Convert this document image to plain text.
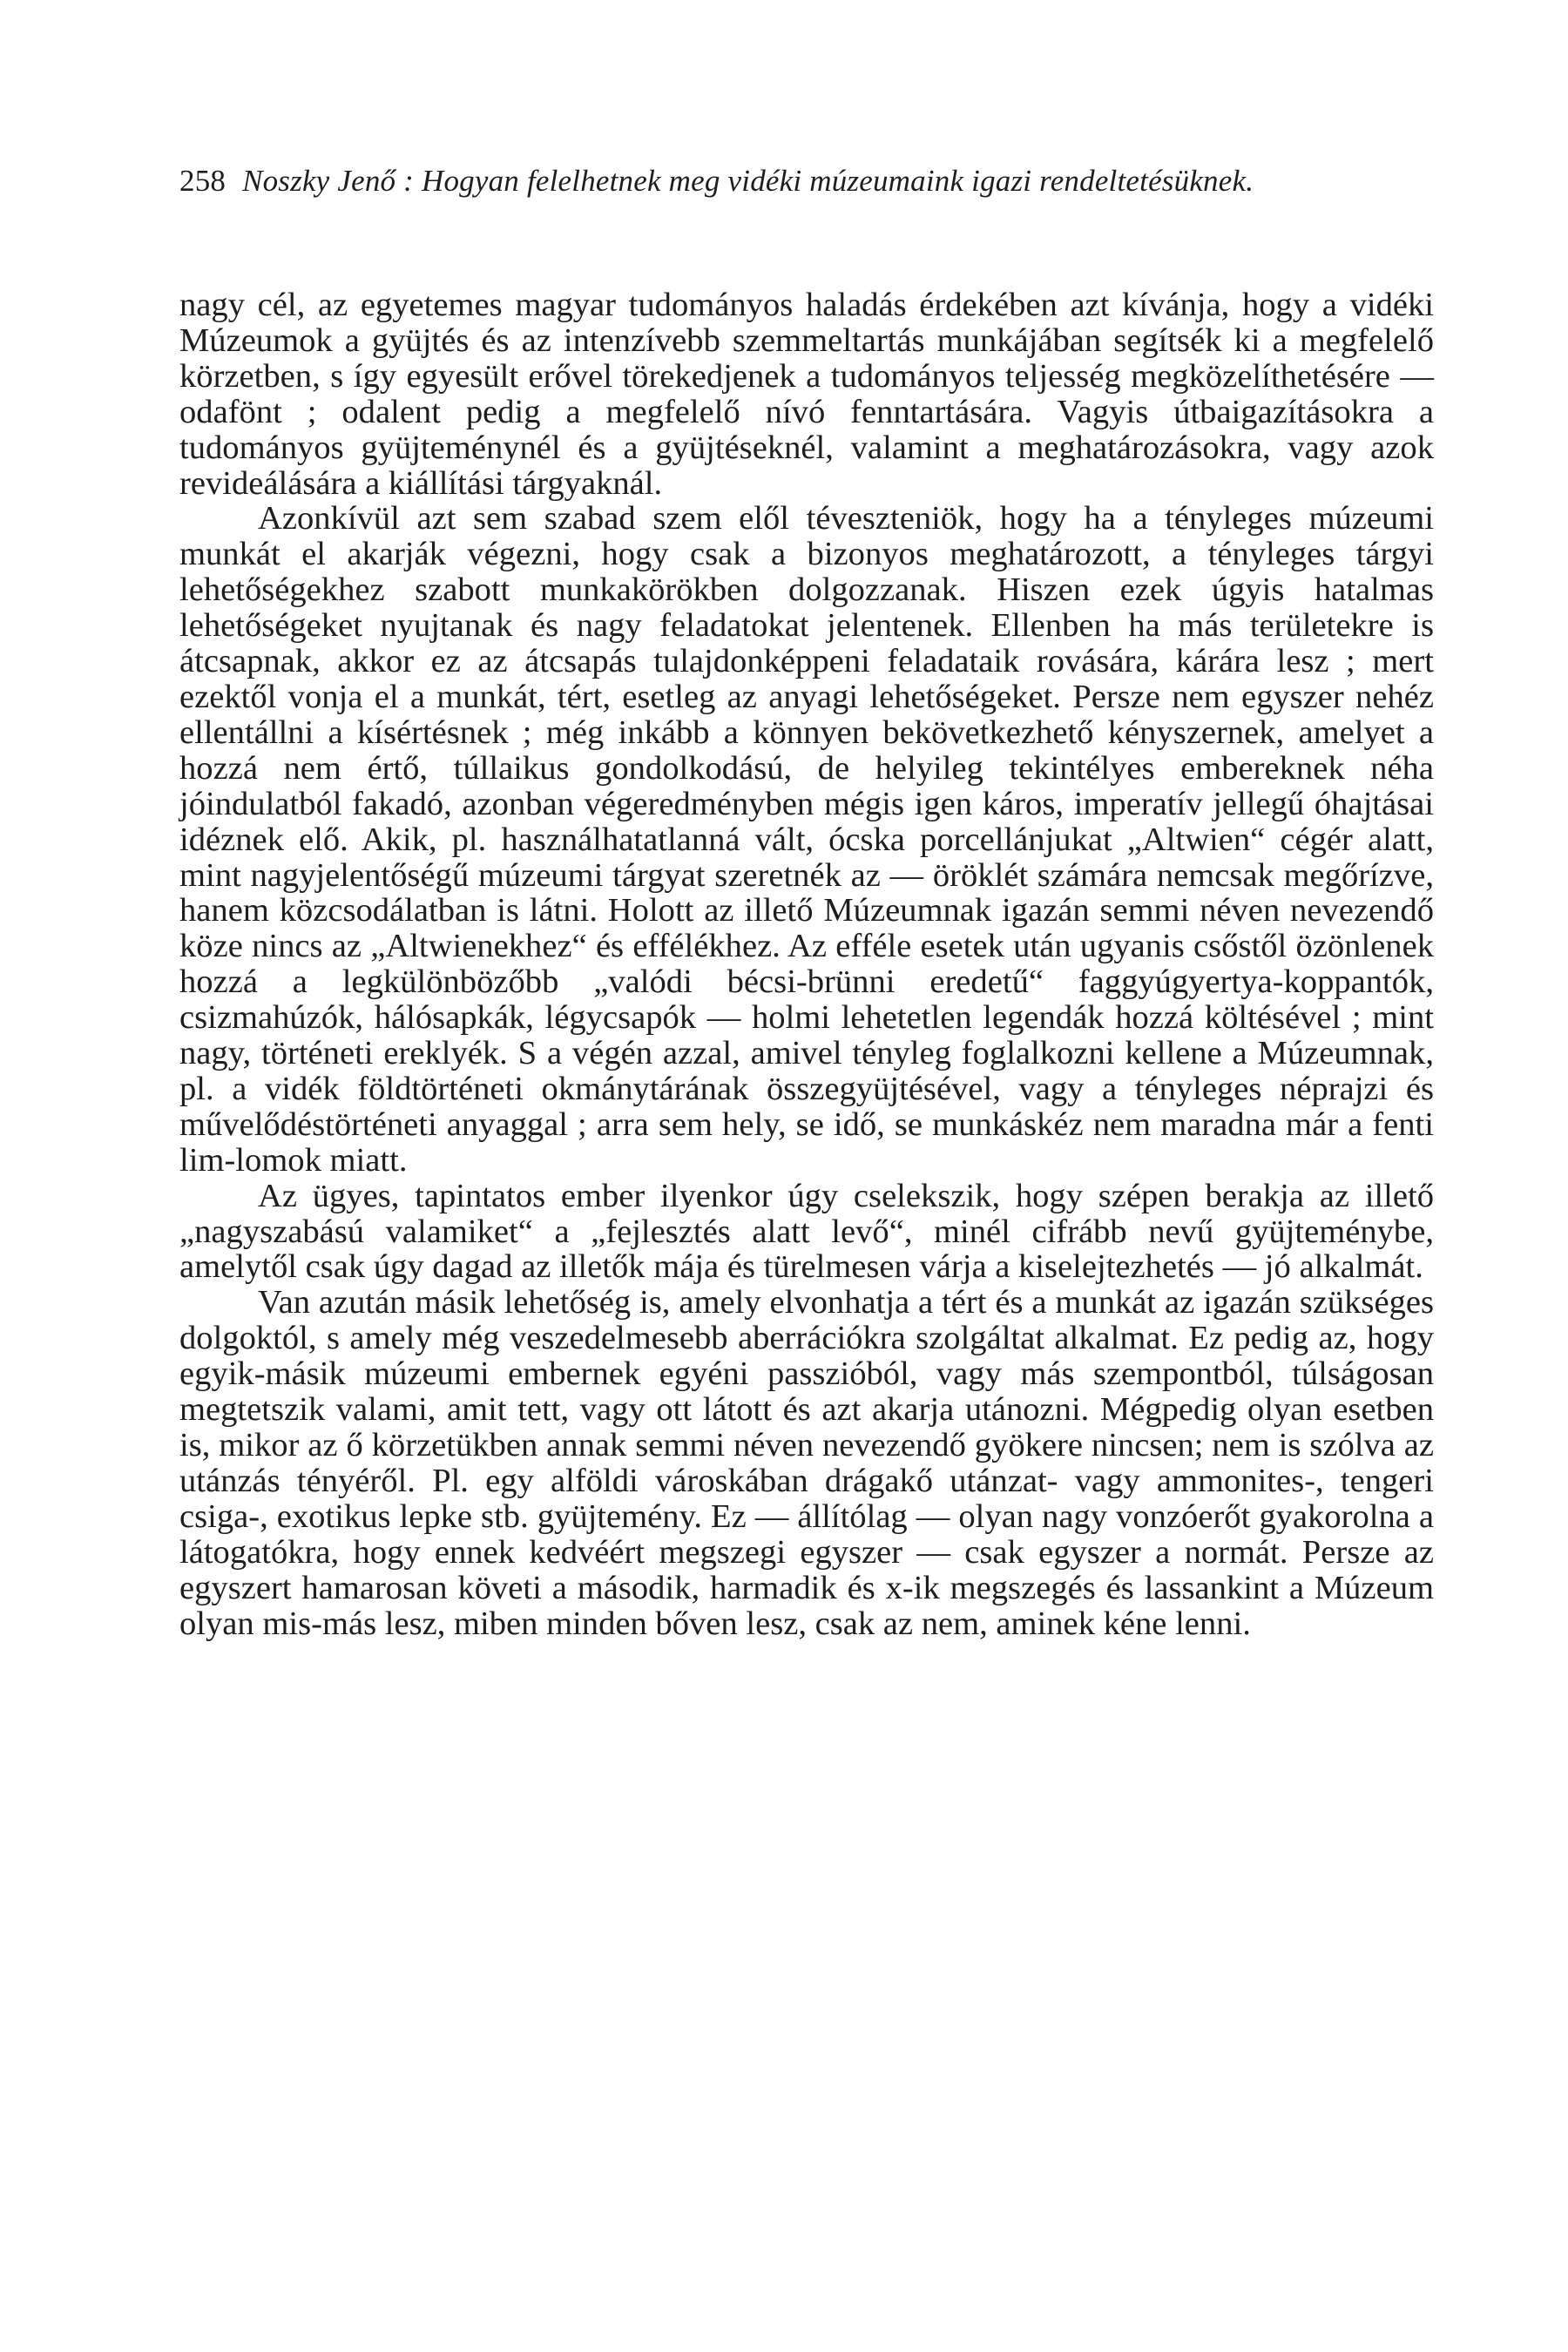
258 Noszky Jenő : Hogyan felelhetnek meg vidéki múzeumaink igazi rendeltetésüknek.

nagy cél, az egyetemes magyar tudományos haladás érdekében azt kívánja, hogy a vidéki Múzeumok a gyüjtés és az intenzívebb szemmeltartás munkájában segítsék ki a megfelelő körzetben, s így egyesült erővel törekedjenek a tudományos teljesség megközelíthetésére — odafönt ; odalent pedig a megfelelő nívó fenntartására. Vagyis útbaigazításokra a tudományos gyüjteménynél és a gyüjtéseknél, valamint a meghatározásokra, vagy azok revideálására a kiállítási tárgyaknál.

Azonkívül azt sem szabad szem elől téveszteniök, hogy ha a tényleges múzeumi munkát el akarják végezni, hogy csak a bizonyos meghatározott, a tényleges tárgyi lehetőségekhez szabott munkakörökben dolgozzanak. Hiszen ezek úgyis hatalmas lehetőségeket nyujtanak és nagy feladatokat jelentenek. Ellenben ha más területekre is átcsapnak, akkor ez az átcsapás tulajdonképpeni feladataik rovására, kárára lesz ; mert ezektől vonja el a munkát, tért, esetleg az anyagi lehetőségeket. Persze nem egyszer nehéz ellentállni a kísértésnek ; még inkább a könnyen bekövetkezhető kényszernek, amelyet a hozzá nem értő, túllaikus gondolkodású, de helyileg tekintélyes embereknek néha jóindulatból fakadó, azonban végeredményben mégis igen káros, imperatív jellegű óhajtásai idéznek elő. Akik, pl. használhatatlanná vált, ócska porcellánjukat „Altwien“ cégér alatt, mint nagyjelentőségű múzeumi tárgyat szeretnék az — öröklét számára nemcsak megőrízve, hanem közcsodálatban is látni. Holott az illető Múzeumnak igazán semmi néven nevezendő köze nincs az „Altwienekhez“ és effélékhez. Az efféle esetek után ugyanis csőstől özönlenek hozzá a legkülönbözőbb „valódi bécsi-brünni eredetű“ faggyúgyertya-koppantók, csizmahúzók, hálósapkák, légycsapók — holmi lehetetlen legendák hozzá költésével ; mint nagy, történeti ereklyék. S a végén azzal, amivel tényleg foglalkozni kellene a Múzeumnak, pl. a vidék földtörténeti okmánytárának összegyüjtésével, vagy a tényleges néprajzi és művelődéstörténeti anyaggal ; arra sem hely, se idő, se munkáskéz nem maradna már a fenti lim-lomok miatt.

Az ügyes, tapintatos ember ilyenkor úgy cselekszik, hogy szépen berakja az illető „nagyszabású valamiket“ a „fejlesztés alatt levő“, minél cifrább nevű gyüjteménybe, amelytől csak úgy dagad az illetők mája és türelmesen várja a kiselejtezhetés — jó alkalmát.

Van azután másik lehetőség is, amely elvonhatja a tért és a munkát az igazán szükséges dolgoktól, s amely még veszedelmesebb aberrációkra szolgáltat alkalmat. Ez pedig az, hogy egyik-másik múzeumi embernek egyéni passzióból, vagy más szempontból, túlságosan megtetszik valami, amit tett, vagy ott látott és azt akarja utánozni. Mégpedig olyan esetben is, mikor az ő körzetükben annak semmi néven nevezendő gyökere nincsen; nem is szólva az utánzás tényéről. Pl. egy alföldi városkában drágakő utánzat- vagy ammonites-, tengeri csiga-, exotikus lepke stb. gyüjtemény. Ez — állítólag — olyan nagy vonzóerőt gyakorolna a látogatókra, hogy ennek kedvéért megszegi egyszer — csak egyszer a normát. Persze az egyszert hamarosan követi a második, harmadik és x-ik megszegés és lassankint a Múzeum olyan mis-más lesz, miben minden bőven lesz, csak az nem, aminek kéne lenni.
